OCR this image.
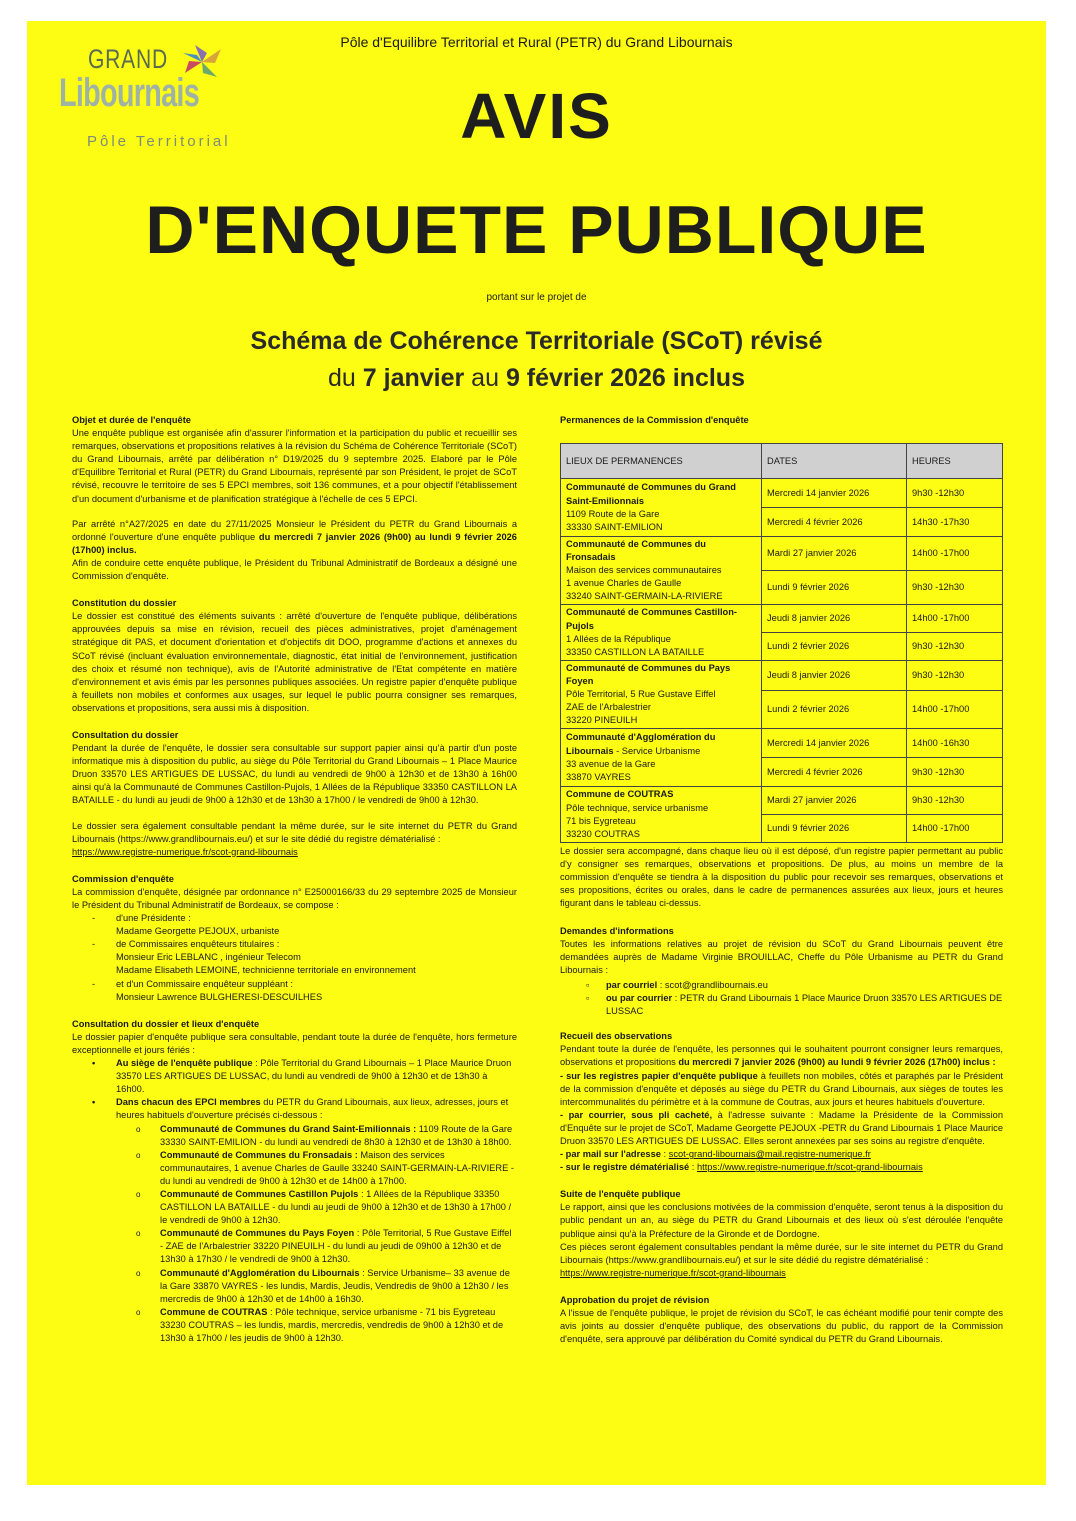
GRAND
Libournais
Pôle Territorial
Pôle d'Equilibre Territorial et Rural (PETR) du Grand Libournais
AVIS
D'ENQUETE PUBLIQUE
portant sur le projet de
Schéma de Cohérence Territoriale (SCoT) révisé
du 7 janvier au 9 février 2026 inclus
Objet et durée de l'enquête

Une enquête publique est organisée afin d'assurer l'information et la participation du public et recueillir ses remarques, observations et propositions relatives à la révision du Schéma de Cohérence Territoriale (SCoT) du Grand Libournais, arrêté par délibération n° D19/2025 du 9 septembre 2025. Elaboré par le Pôle d'Equilibre Territorial et Rural (PETR) du Grand Libournais, représenté par son Président, le projet de SCoT révisé, recouvre le territoire de ses 5 EPCI membres, soit 136 communes, et a pour objectif l'établissement d'un document d'urbanisme et de planification stratégique à l'échelle de ces 5 EPCI.

Par arrêté n°A27/2025 en date du 27/11/2025 Monsieur le Président du PETR du Grand Libournais a ordonné l'ouverture d'une enquête publique du mercredi 7 janvier 2026 (9h00) au lundi 9 février 2026 (17h00) inclus.

Afin de conduire cette enquête publique, le Président du Tribunal Administratif de Bordeaux a désigné une Commission d'enquête.

Constitution du dossier

Le dossier est constitué des éléments suivants : arrêté d'ouverture de l'enquête publique, délibérations approuvées depuis sa mise en révision, recueil des pièces administratives, projet d'aménagement stratégique dit PAS, et document d'orientation et d'objectifs dit DOO, programme d'actions et annexes du SCoT révisé (incluant évaluation environnementale, diagnostic, état initial de l'environnement, justification des choix et résumé non technique), avis de l'Autorité administrative de l'Etat compétente en matière d'environnement et avis émis par les personnes publiques associées. Un registre papier d'enquête publique à feuillets non mobiles et conformes aux usages, sur lequel le public pourra consigner ses remarques, observations et propositions, sera aussi mis à disposition.

Consultation du dossier

Pendant la durée de l'enquête, le dossier sera consultable sur support papier ainsi qu'à partir d'un poste informatique mis à disposition du public, au siège du Pôle Territorial du Grand Libournais – 1 Place Maurice Druon 33570 LES ARTIGUES DE LUSSAC, du lundi au vendredi de 9h00 à 12h30 et de 13h30 à 16h00 ainsi qu'à la Communauté de Communes Castillon-Pujols, 1 Allées de la République 33350 CASTILLON LA BATAILLE - du lundi au jeudi de 9h00 à 12h30 et de 13h30 à 17h00 / le vendredi de 9h00 à 12h30.

Le dossier sera également consultable pendant la même durée, sur le site internet du PETR du Grand Libournais (https://www.grandlibournais.eu/) et sur le site dédié du registre dématérialisé :

https://www.registre-numerique.fr/scot-grand-libournais

Commission d'enquête

La commission d'enquête, désignée par ordonnance n° E25000166/33 du 29 septembre 2025 de Monsieur le Président du Tribunal Administratif de Bordeaux, se compose :

- d'une Présidente :
Madame Georgette PEJOUX, urbaniste
- de Commissaires enquêteurs titulaires :
Monsieur Eric LEBLANC , ingénieur Telecom
Madame Elisabeth LEMOINE, technicienne territoriale en environnement
- et d'un Commissaire enquêteur suppléant :
Monsieur Lawrence BULGHERESI-DESCUILHES
Consultation du dossier et lieux d'enquête

Le dossier papier d'enquête publique sera consultable, pendant toute la durée de l'enquête, hors fermeture exceptionnelle et jours fériés :

• Au siège de l'enquête publique : Pôle Territorial du Grand Libournais – 1 Place Maurice Druon 33570 LES ARTIGUES DE LUSSAC, du lundi au vendredi de 9h00 à 12h30 et de 13h30 à 16h00.
• Dans chacun des EPCI membres du PETR du Grand Libournais, aux lieux, adresses, jours et heures habituels d'ouverture précisés ci-dessous :
o Communauté de Communes du Grand Saint-Emilionnais : 1109 Route de la Gare 33330 SAINT-EMILION - du lundi au vendredi de 8h30 à 12h30 et de 13h30 à 18h00.
o Communauté de Communes du Fronsadais : Maison des services communautaires, 1 avenue Charles de Gaulle 33240 SAINT-GERMAIN-LA-RIVIERE - du lundi au vendredi de 9h00 à 12h30 et de 14h00 à 17h00.
o Communauté de Communes Castillon Pujols : 1 Allées de la République 33350 CASTILLON LA BATAILLE - du lundi au jeudi de 9h00 à 12h30 et de 13h30 à 17h00 / le vendredi de 9h00 à 12h30.
o Communauté de Communes du Pays Foyen : Pôle Territorial, 5 Rue Gustave Eiffel - ZAE de l'Arbalestrier 33220 PINEUILH - du lundi au jeudi de 09h00 à 12h30 et de 13h30 à 17h30 / le vendredi de 9h00 à 12h30.
o Communauté d'Agglomération du Libournais : Service Urbanisme– 33 avenue de la Gare 33870 VAYRES - les lundis, Mardis, Jeudis, Vendredis de 9h00 à 12h30 / les mercredis de 9h00 à 12h30 et de 14h00 à 16h30.
o Commune de COUTRAS : Pôle technique, service urbanisme - 71 bis Eygreteau 33230 COUTRAS – les lundis, mardis, mercredis, vendredis de 9h00 à 12h30 et de 13h30 à 17h00 / les jeudis de 9h00 à 12h30.
Permanences de la Commission d'enquête
LIEUX DE PERMANENCES	DATES	HEURES
Communauté de Communes du Grand Saint-Emilionnais
1109 Route de la Gare
33330 SAINT-EMILION	Mercredi 14 janvier 2026	9h30 -12h30
	Mercredi 4 février 2026	14h30 -17h30
Communauté de Communes du Fronsadais
Maison des services communautaires
1 avenue Charles de Gaulle
33240 SAINT-GERMAIN-LA-RIVIERE	Mardi 27 janvier 2026	14h00 -17h00
	Lundi 9 février 2026	9h30 -12h30
Communauté de Communes Castillon-Pujols
1 Allées de la République
33350 CASTILLON LA BATAILLE	Jeudi 8 janvier 2026	14h00 -17h00
	Lundi 2 février 2026	9h30 -12h30
Communauté de Communes du Pays Foyen
Pôle Territorial, 5 Rue Gustave Eiffel
ZAE de l'Arbalestrier
33220 PINEUILH	Jeudi 8 janvier 2026	9h30 -12h30
	Lundi 2 février 2026	14h00 -17h00
Communauté d'Agglomération du Libournais - Service Urbanisme
33 avenue de la Gare
33870 VAYRES	Mercredi 14 janvier 2026	14h00 -16h30
	Mercredi 4 février 2026	9h30 -12h30
Commune de COUTRAS
Pôle technique, service urbanisme
71 bis Eygreteau
33230 COUTRAS	Mardi 27 janvier 2026	9h30 -12h30
	Lundi 9 février 2026	14h00 -17h00

Le dossier sera accompagné, dans chaque lieu où il est déposé, d'un registre papier permettant au public d'y consigner ses remarques, observations et propositions. De plus, au moins un membre de la commission d'enquête se tiendra à la disposition du public pour recevoir ses remarques, observations et ses propositions, écrites ou orales, dans le cadre de permanences assurées aux lieux, jours et heures figurant dans le tableau ci-dessus.

Demandes d'informations

Toutes les informations relatives au projet de révision du SCoT du Grand Libournais peuvent être demandées auprès de Madame Virginie BROUILLAC, Cheffe du Pôle Urbanisme au PETR du Grand Libournais :

▫ par courriel : scot@grandlibournais.eu
▫ ou par courrier : PETR du Grand Libournais 1 Place Maurice Druon 33570 LES ARTIGUES DE LUSSAC
Recueil des observations

Pendant toute la durée de l'enquête, les personnes qui le souhaitent pourront consigner leurs remarques, observations et propositions du mercredi 7 janvier 2026 (9h00) au lundi 9 février 2026 (17h00) inclus :

- sur les registres papier d'enquête publique à feuillets non mobiles, côtés et paraphés par le Président de la commission d'enquête et déposés au siège du PETR du Grand Libournais, aux sièges de toutes les intercommunalités du périmètre et à la commune de Coutras, aux jours et heures habituels d'ouverture.

- par courrier, sous pli cacheté, à l'adresse suivante : Madame la Présidente de la Commission d'Enquête sur le projet de SCoT, Madame Georgette PEJOUX -PETR du Grand Libournais 1 Place Maurice Druon 33570 LES ARTIGUES DE LUSSAC. Elles seront annexées par ses soins au registre d'enquête.

- par mail sur l'adresse : scot-grand-libournais@mail.registre-numerique.fr

- sur le registre dématérialisé : https://www.registre-numerique.fr/scot-grand-libournais

Suite de l'enquête publique

Le rapport, ainsi que les conclusions motivées de la commission d'enquête, seront tenus à la disposition du public pendant un an, au siège du PETR du Grand Libournais et des lieux où s'est déroulée l'enquête publique ainsi qu'à la Préfecture de la Gironde et de Dordogne.

Ces pièces seront également consultables pendant la même durée, sur le site internet du PETR du Grand Libournais (https://www.grandlibournais.eu/) et sur le site dédié du registre dématérialisé :

https://www.registre-numerique.fr/scot-grand-libournais

Approbation du projet de révision

A l'issue de l'enquête publique, le projet de révision du SCoT, le cas échéant modifié pour tenir compte des avis joints au dossier d'enquête publique, des observations du public, du rapport de la Commission d'enquête, sera approuvé par délibération du Comité syndical du PETR du Grand Libournais.
